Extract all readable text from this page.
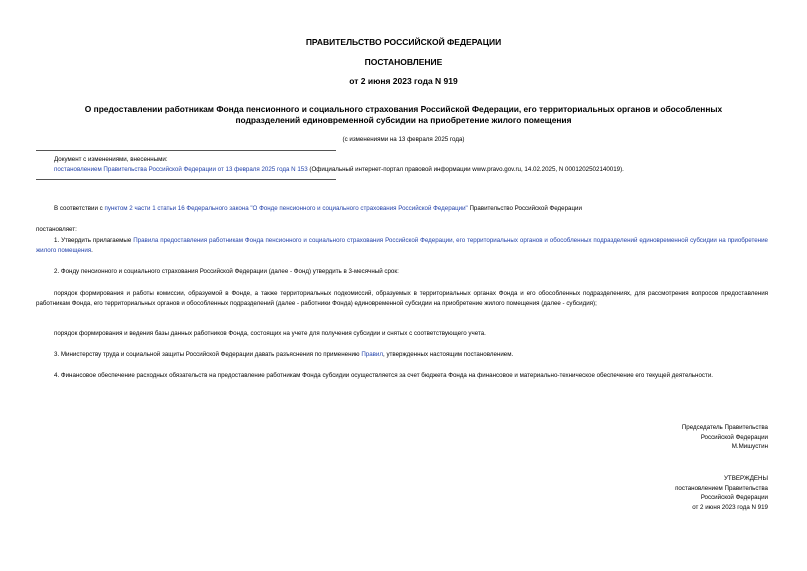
ПРАВИТЕЛЬСТВО РОССИЙСКОЙ ФЕДЕРАЦИИ
ПОСТАНОВЛЕНИЕ
от 2 июня 2023 года N 919
О предоставлении работникам Фонда пенсионного и социального страхования Российской Федерации, его территориальных органов и обособленных
подразделений единовременной субсидии на приобретение жилого помещения
(с изменениями на 13 февраля 2025 года)
Документ с изменениями, внесенными:
постановлением Правительства Российской Федерации от 13 февраля 2025 года N 153 (Официальный интернет-портал правовой информации www.pravo.gov.ru, 14.02.2025, N 0001202502140019).
В соответствии с пунктом 2 части 1 статьи 16 Федерального закона "О Фонде пенсионного и социального страхования Российской Федерации" Правительство Российской Федерации
постановляет:
1. Утвердить прилагаемые Правила предоставления работникам Фонда пенсионного и социального страхования Российской Федерации, его территориальных органов и обособленных подразделений единовременной субсидии на приобретение жилого помещения.
2. Фонду пенсионного и социального страхования Российской Федерации (далее - Фонд) утвердить в 3-месячный срок:
порядок формирования и работы комиссии, образуемой в Фонде, а также территориальных подкомиссий, образуемых в территориальных органах Фонда и его обособленных подразделениях, для рассмотрения вопросов предоставления работникам Фонда, его территориальных органов и обособленных подразделений (далее - работники Фонда) единовременной субсидии на приобретение жилого помещения (далее - субсидия);
порядок формирования и ведения базы данных работников Фонда, состоящих на учете для получения субсидии и снятых с соответствующего учета.
3. Министерству труда и социальной защиты Российской Федерации давать разъяснения по применению Правил, утвержденных настоящим постановлением.
4. Финансовое обеспечение расходных обязательств на предоставление работникам Фонда субсидии осуществляется за счет бюджета Фонда на финансовое и материально-техническое обеспечение его текущей деятельности.
Председатель Правительства
Российской Федерации
М.Мишустин
УТВЕРЖДЕНЫ
постановлением Правительства
Российской Федерации
от 2 июня 2023 года N 919
